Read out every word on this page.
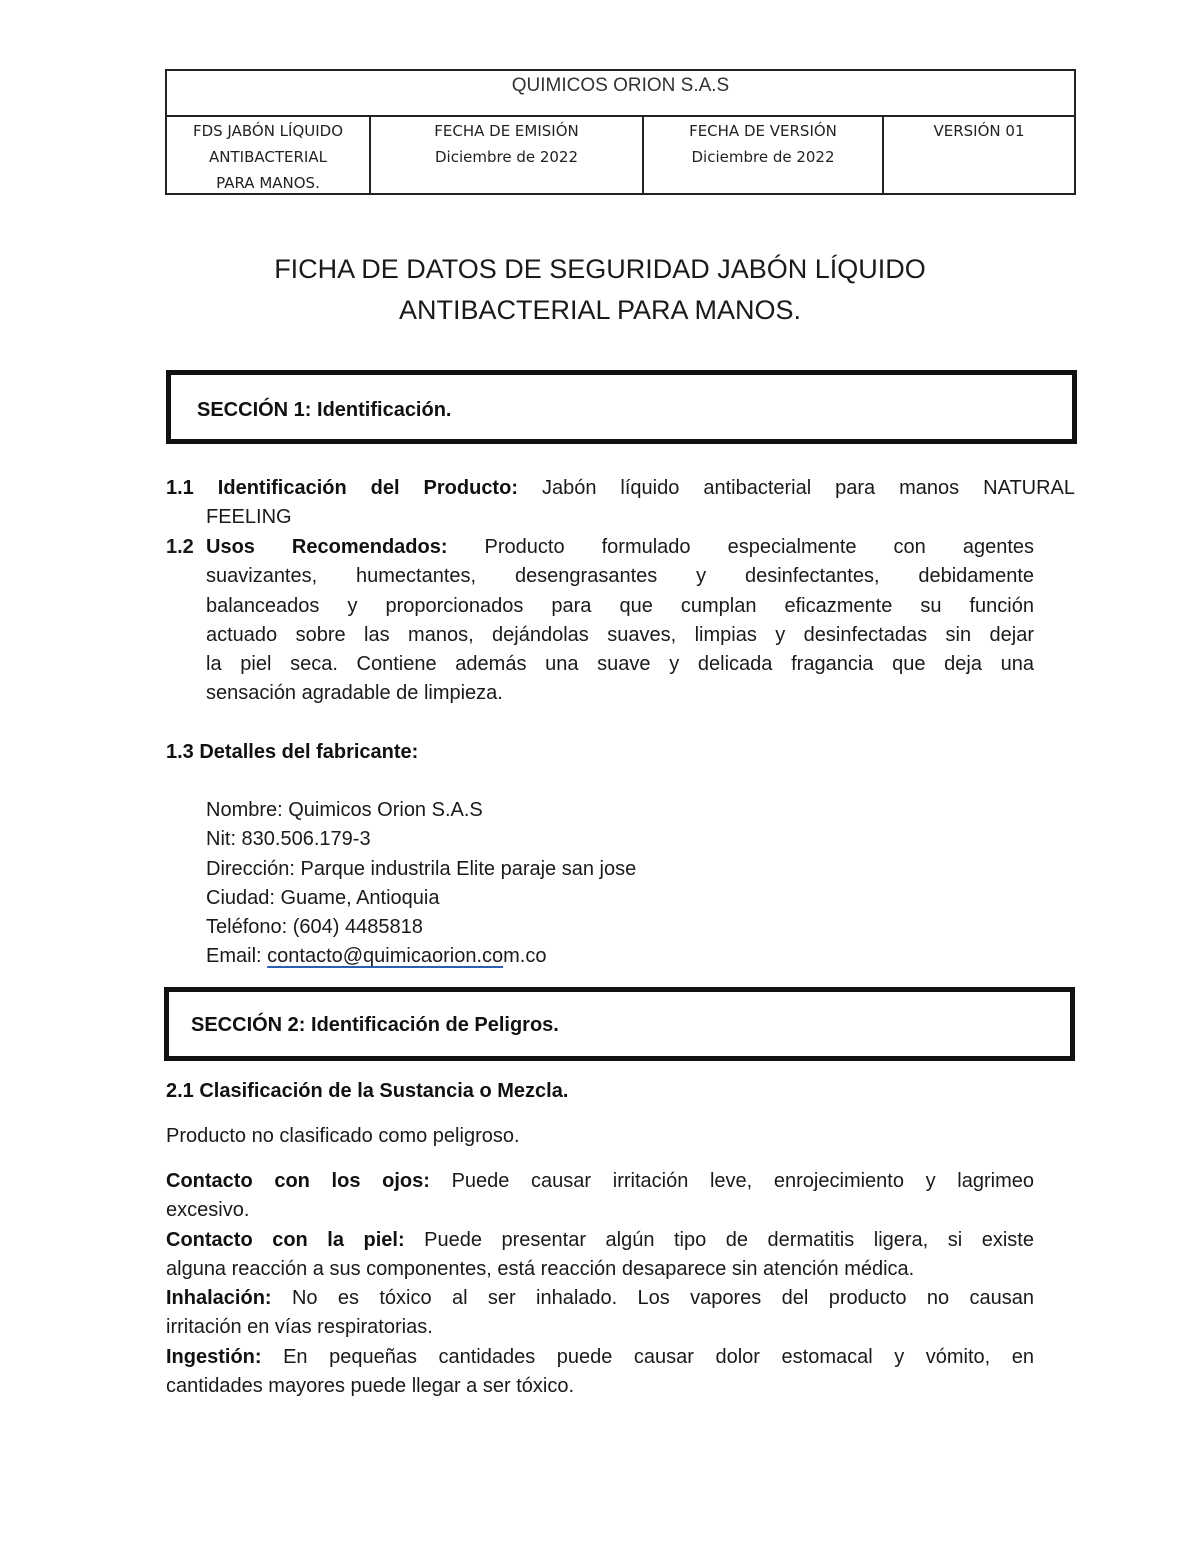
QUIMICOS ORION S.A.S
FDS JABÓN LÍQUIDO
ANTIBACTERIAL
PARA MANOS.
FECHA DE EMISIÓN
Diciembre de 2022
FECHA DE VERSIÓN
Diciembre de 2022
VERSIÓN 01
FICHA DE DATOS DE SEGURIDAD JABÓN LÍQUIDO
ANTIBACTERIAL PARA MANOS.
SECCIÓN 1: Identificación.
1.1 Identificación del Producto: Jabón líquido antibacterial para manos NATURAL
FEELING
1.2 Usos Recomendados: Producto formulado especialmente con agentes
suavizantes, humectantes, desengrasantes y desinfectantes, debidamente
balanceados y proporcionados para que cumplan eficazmente su función
actuado sobre las manos, dejándolas suaves, limpias y desinfectadas sin dejar
la piel seca. Contiene además una suave y delicada fragancia que deja una
sensación agradable de limpieza.
1.3 Detalles del fabricante:
Nombre: Quimicos Orion S.A.S
Nit: 830.506.179-3
Dirección: Parque industrila Elite paraje san jose
Ciudad: Guame, Antioquia
Teléfono: (604) 4485818
Email: contacto@quimicaorion.com.co
SECCIÓN 2: Identificación de Peligros.
2.1 Clasificación de la Sustancia o Mezcla.
Producto no clasificado como peligroso.
Contacto con los ojos: Puede causar irritación leve, enrojecimiento y lagrimeo
excesivo.
Contacto con la piel: Puede presentar algún tipo de dermatitis ligera, si existe
alguna reacción a sus componentes, está reacción desaparece sin atención médica.
Inhalación: No es tóxico al ser inhalado. Los vapores del producto no causan
irritación en vías respiratorias.
Ingestión: En pequeñas cantidades puede causar dolor estomacal y vómito, en
cantidades mayores puede llegar a ser tóxico.
